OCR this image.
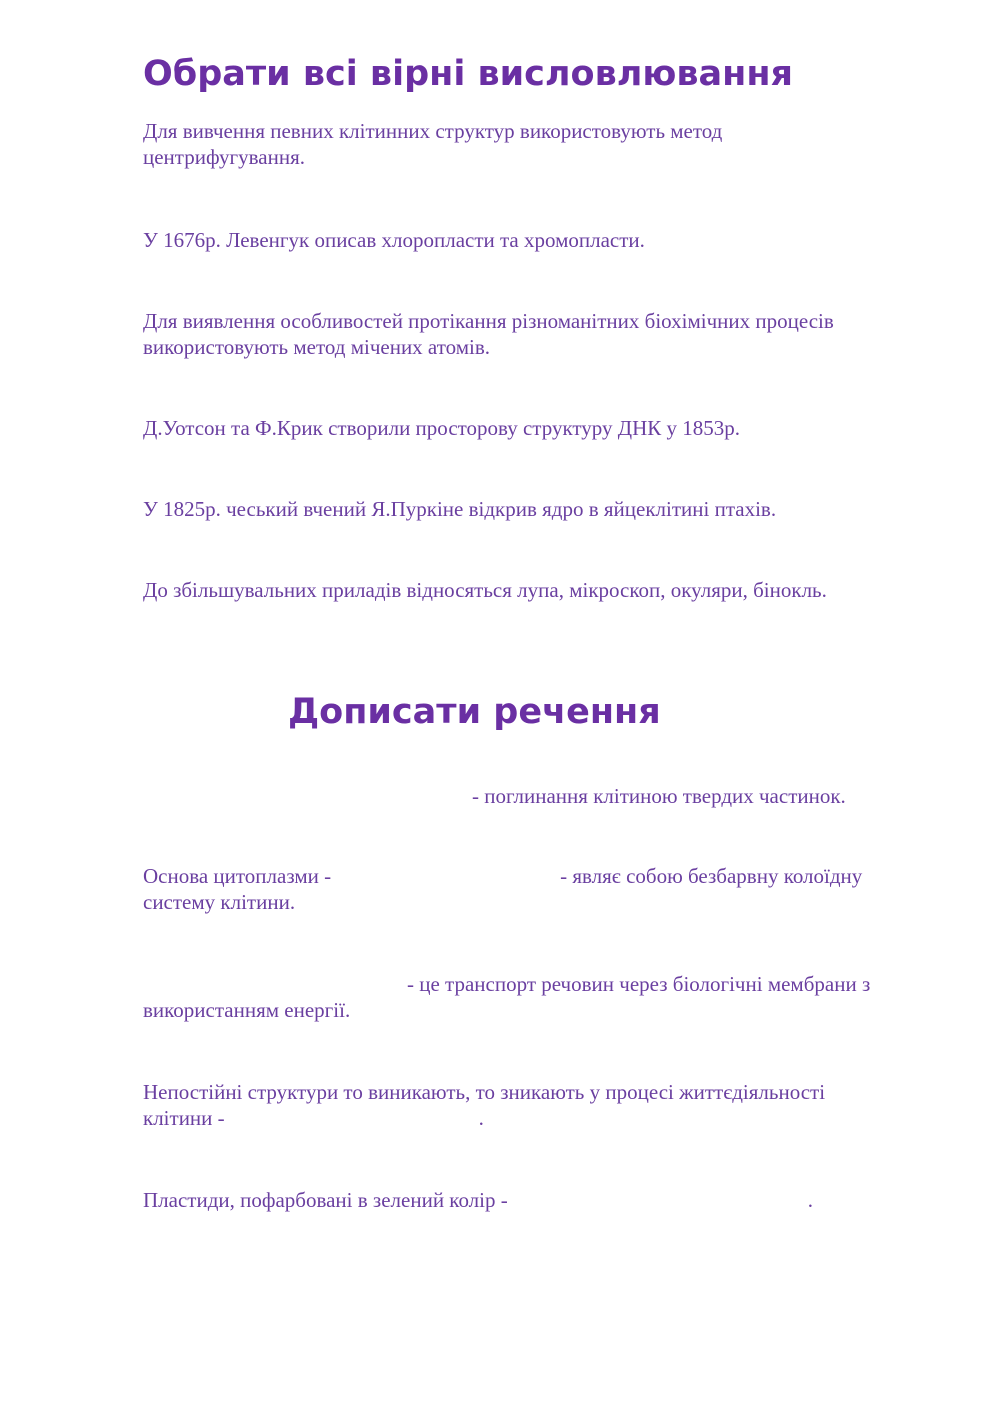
Обрати всі вірні висловлювання
Для вивчення певних клітинних структур використовують метод
центрифугування.
У 1676р. Левенгук описав хлоропласти та хромопласти.
Для виявлення особливостей протікання різноманітних біохімічних процесів
використовують метод мічених атомів.
Д.Уотсон та Ф.Крик створили просторову структуру ДНК у 1853р.
У 1825р. чеський вчений Я.Пуркіне відкрив ядро в яйцеклітині птахів.
До збільшувальних приладів відносяться лупа, мікроскоп, окуляри, бінокль.
Дописати речення
- поглинання клітиною твердих частинок.
Основа цитоплазми -	- являє собою безбарвну колоїдну
систему клітини.
- це транспорт речовин через біологічні мембрани з
використанням енергії.
Непостійні структури то виникають, то зникають у процесі життєдіяльності
клітини -	.
Пластиди, пофарбовані в зелений колір -	.
